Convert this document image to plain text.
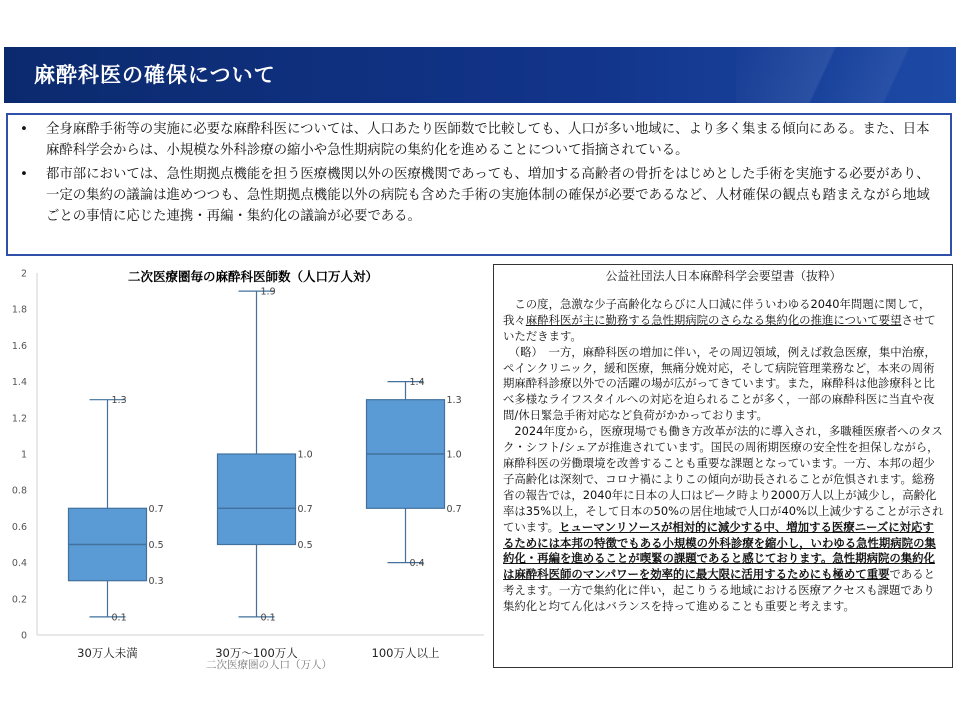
麻酔科医の確保について
• 全身麻酔手術等の実施に必要な麻酔科医については、人口あたり医師数で比較しても、人口が多い地域に、より多く集まる傾向にある。また、日本麻酔科学会からは、小規模な外科診療の縮小や急性期病院の集約化を進めることについて指摘されている。
• 都市部においては、急性期拠点機能を担う医療機関以外の医療機関であっても、増加する高齢者の骨折をはじめとした手術を実施する必要があり、一定の集約の議論は進めつつも、急性期拠点機能以外の病院も含めた手術の実施体制の確保が必要であるなど、人材確保の観点も踏まえながら地域ごとの事情に応じた連携・再編・集約化の議論が必要である。
二次医療圏毎の麻酔科医師数（人口万人対）
二次医療圏の人口（万人）
0
0.2
0.4
0.6
0.8
1
1.2
1.4
1.6
1.8
2
30万人未満	30万～100万人	100万人以上
1.3
0.7
0.5
0.3
0.1
1.9
1.0
0.7
0.5
0.1
1.4
1.3
1.0
0.7
0.4
公益社団法人日本麻酔科学会要望書（抜粋）

　この度，急激な少子高齢化ならびに人口減に伴ういわゆる2040年問題に関して，我々麻酔科医が主に勤務する急性期病院のさらなる集約化の推進について要望させていただきます。

　（略）　一方，麻酔科医の増加に伴い，その周辺領域，例えば救急医療，集中治療，ペインクリニック，緩和医療，無痛分娩対応，そして病院管理業務など，本来の周術期麻酔科診療以外での活躍の場が広がってきています。また，麻酔科は他診療科と比べ多様なライフスタイルへの対応を迫られることが多く，一部の麻酔科医に当直や夜間/休日緊急手術対応など負荷がかかっております。

　2024年度から，医療現場でも働き方改革が法的に導入され，多職種医療者へのタスク・シフト/シェアが推進されています。国民の周術期医療の安全性を担保しながら，麻酔科医の労働環境を改善することも重要な課題となっています。一方、本邦の超少子高齢化は深刻で、コロナ禍によりこの傾向が助長されることが危惧されます。総務省の報告では，2040年に日本の人口はピーク時より2000万人以上が減少し，高齢化率は35%以上，そして日本の50%の居住地域で人口が40%以上減少することが示されています。ヒューマンリソースが相対的に減少する中、増加する医療ニーズに対応するためには本邦の特徴でもある小規模の外科診療を縮小し，いわゆる急性期病院の集約化・再編を進めることが喫緊の課題であると感じております。急性期病院の集約化は麻酔科医師のマンパワーを効率的に最大限に活用するためにも極めて重要であると考えます。一方で集約化に伴い，起こりうる地域における医療アクセスも課題であり集約化と均てん化はバランスを持って進めることも重要と考えます。
